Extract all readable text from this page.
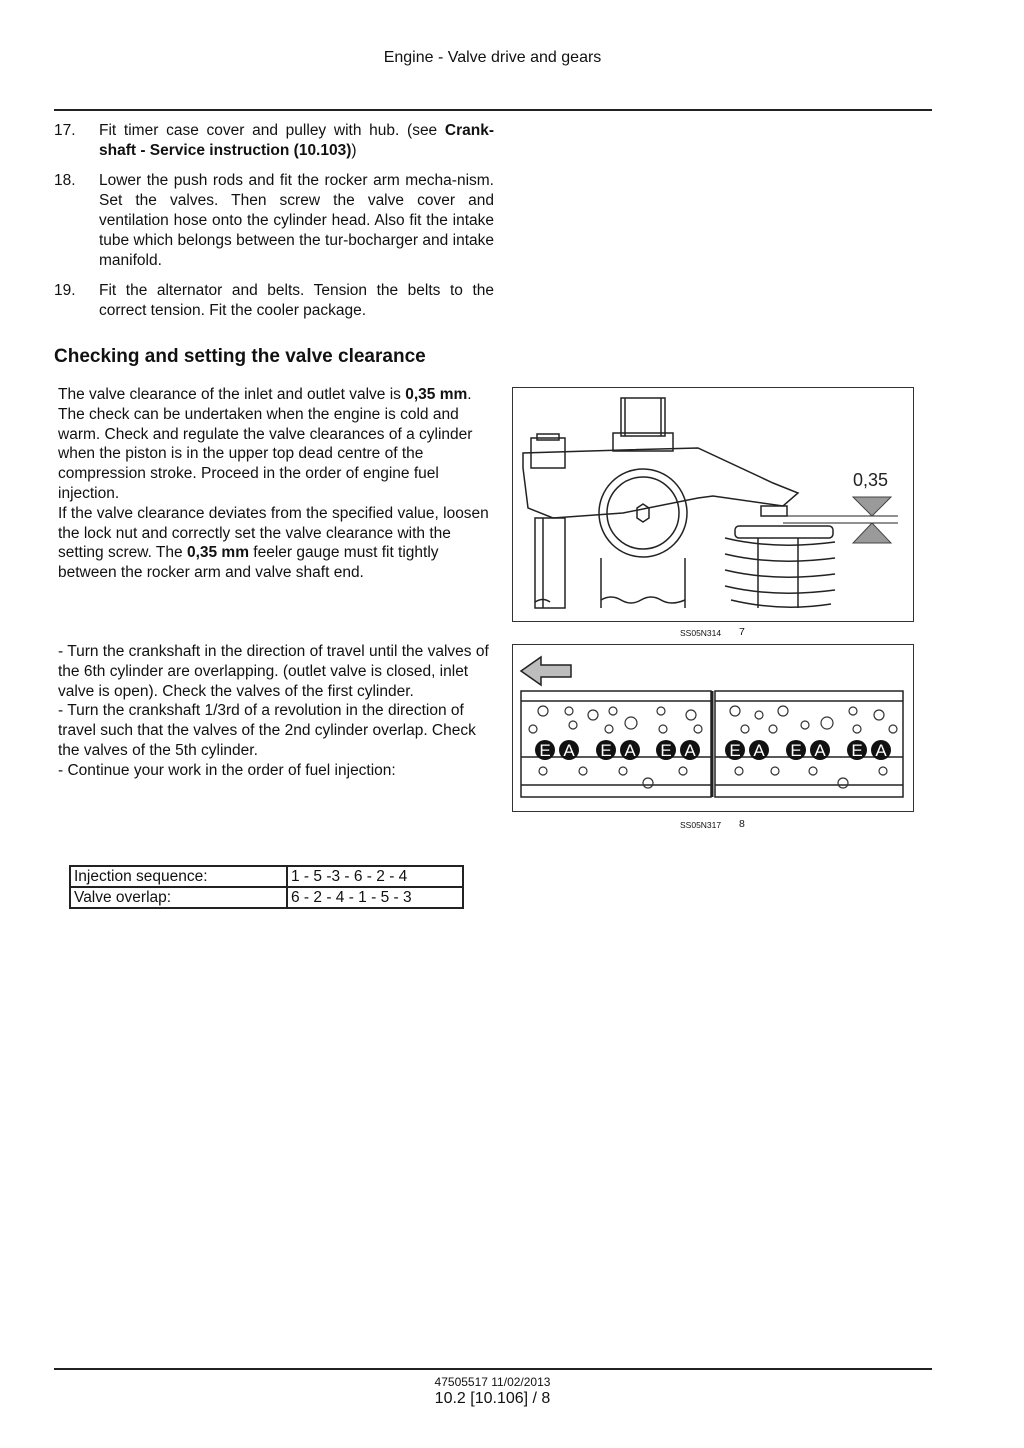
Engine - Valve drive and gears
17.	Fit timer case cover and pulley with hub. (see Crank-shaft - Service instruction (10.103))
18.	Lower the push rods and fit the rocker arm mecha-nism. Set the valves. Then screw the valve cover and ventilation hose onto the cylinder head. Also fit the intake tube which belongs between the tur-bocharger and intake manifold.
19.	Fit the alternator and belts. Tension the belts to the correct tension. Fit the cooler package.
Checking and setting the valve clearance

The valve clearance of the inlet and outlet valve is 0,35 mm. The check can be undertaken when the engine is cold and warm. Check and regulate the valve clearances of a cylinder when the piston is in the upper top dead centre of the compression stroke. Proceed in the order of engine fuel injection.

If the valve clearance deviates from the specified value, loosen the lock nut and correctly set the valve clearance with the setting screw. The 0,35 mm feeler gauge must fit tightly between the rocker arm and valve shaft end.

- Turn the crankshaft in the direction of travel until the valves of the 6th cylinder are overlapping. (outlet valve is closed, inlet valve is open). Check the valves of the first cylinder.

- Turn the crankshaft 1/3rd of a revolution in the direction of travel such that the valves of the 2nd cylinder overlap. Check the valves of the 5th cylinder.

- Continue your work in the order of fuel injection:

0,35
SS05N314 7
E A E A E A E A E A E A
SS05N317 8
Injection sequence:	1 - 5 -3 - 6 - 2 - 4
Valve overlap:	6 - 2 - 4 - 1 - 5 - 3
47505517 11/02/2013
10.2 [10.106] / 8
